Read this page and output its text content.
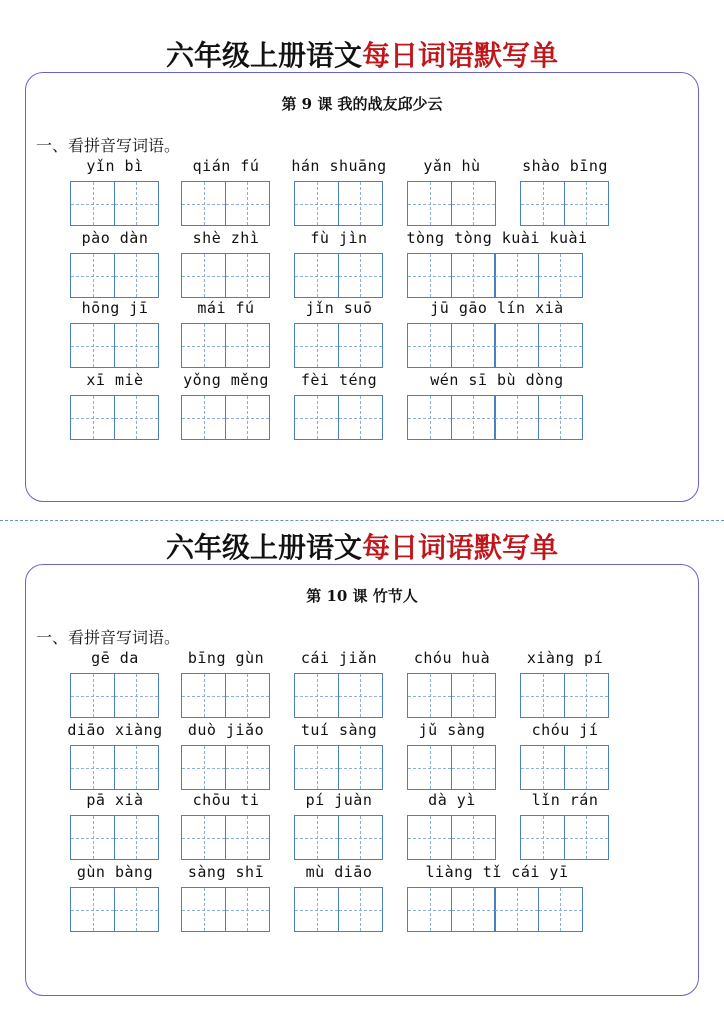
六年级上册语文每日词语默写单
第 9 课 我的战友邱少云
一、看拼音写词语。
yǐn bì	qián fú	hán shuāng	yǎn hù	shào bīng
pào dàn	shè zhì	fù jìn	tòng tòng kuài kuài
hōng jī	mái fú	jǐn suō	jū gāo lín xià
xī miè	yǒng měng	fèi téng	wén sī bù dòng
六年级上册语文每日词语默写单
第 10 课 竹节人
一、看拼音写词语。
gē da	bīng gùn	cái jiǎn	chóu huà	xiàng pí
diāo xiàng	duò jiǎo	tuí sàng	jǔ sàng	chóu jí
pā xià	chōu ti	pí juàn	dà yì	lǐn rán
gùn bàng	sàng shī	mù diāo	liàng tǐ cái yī
